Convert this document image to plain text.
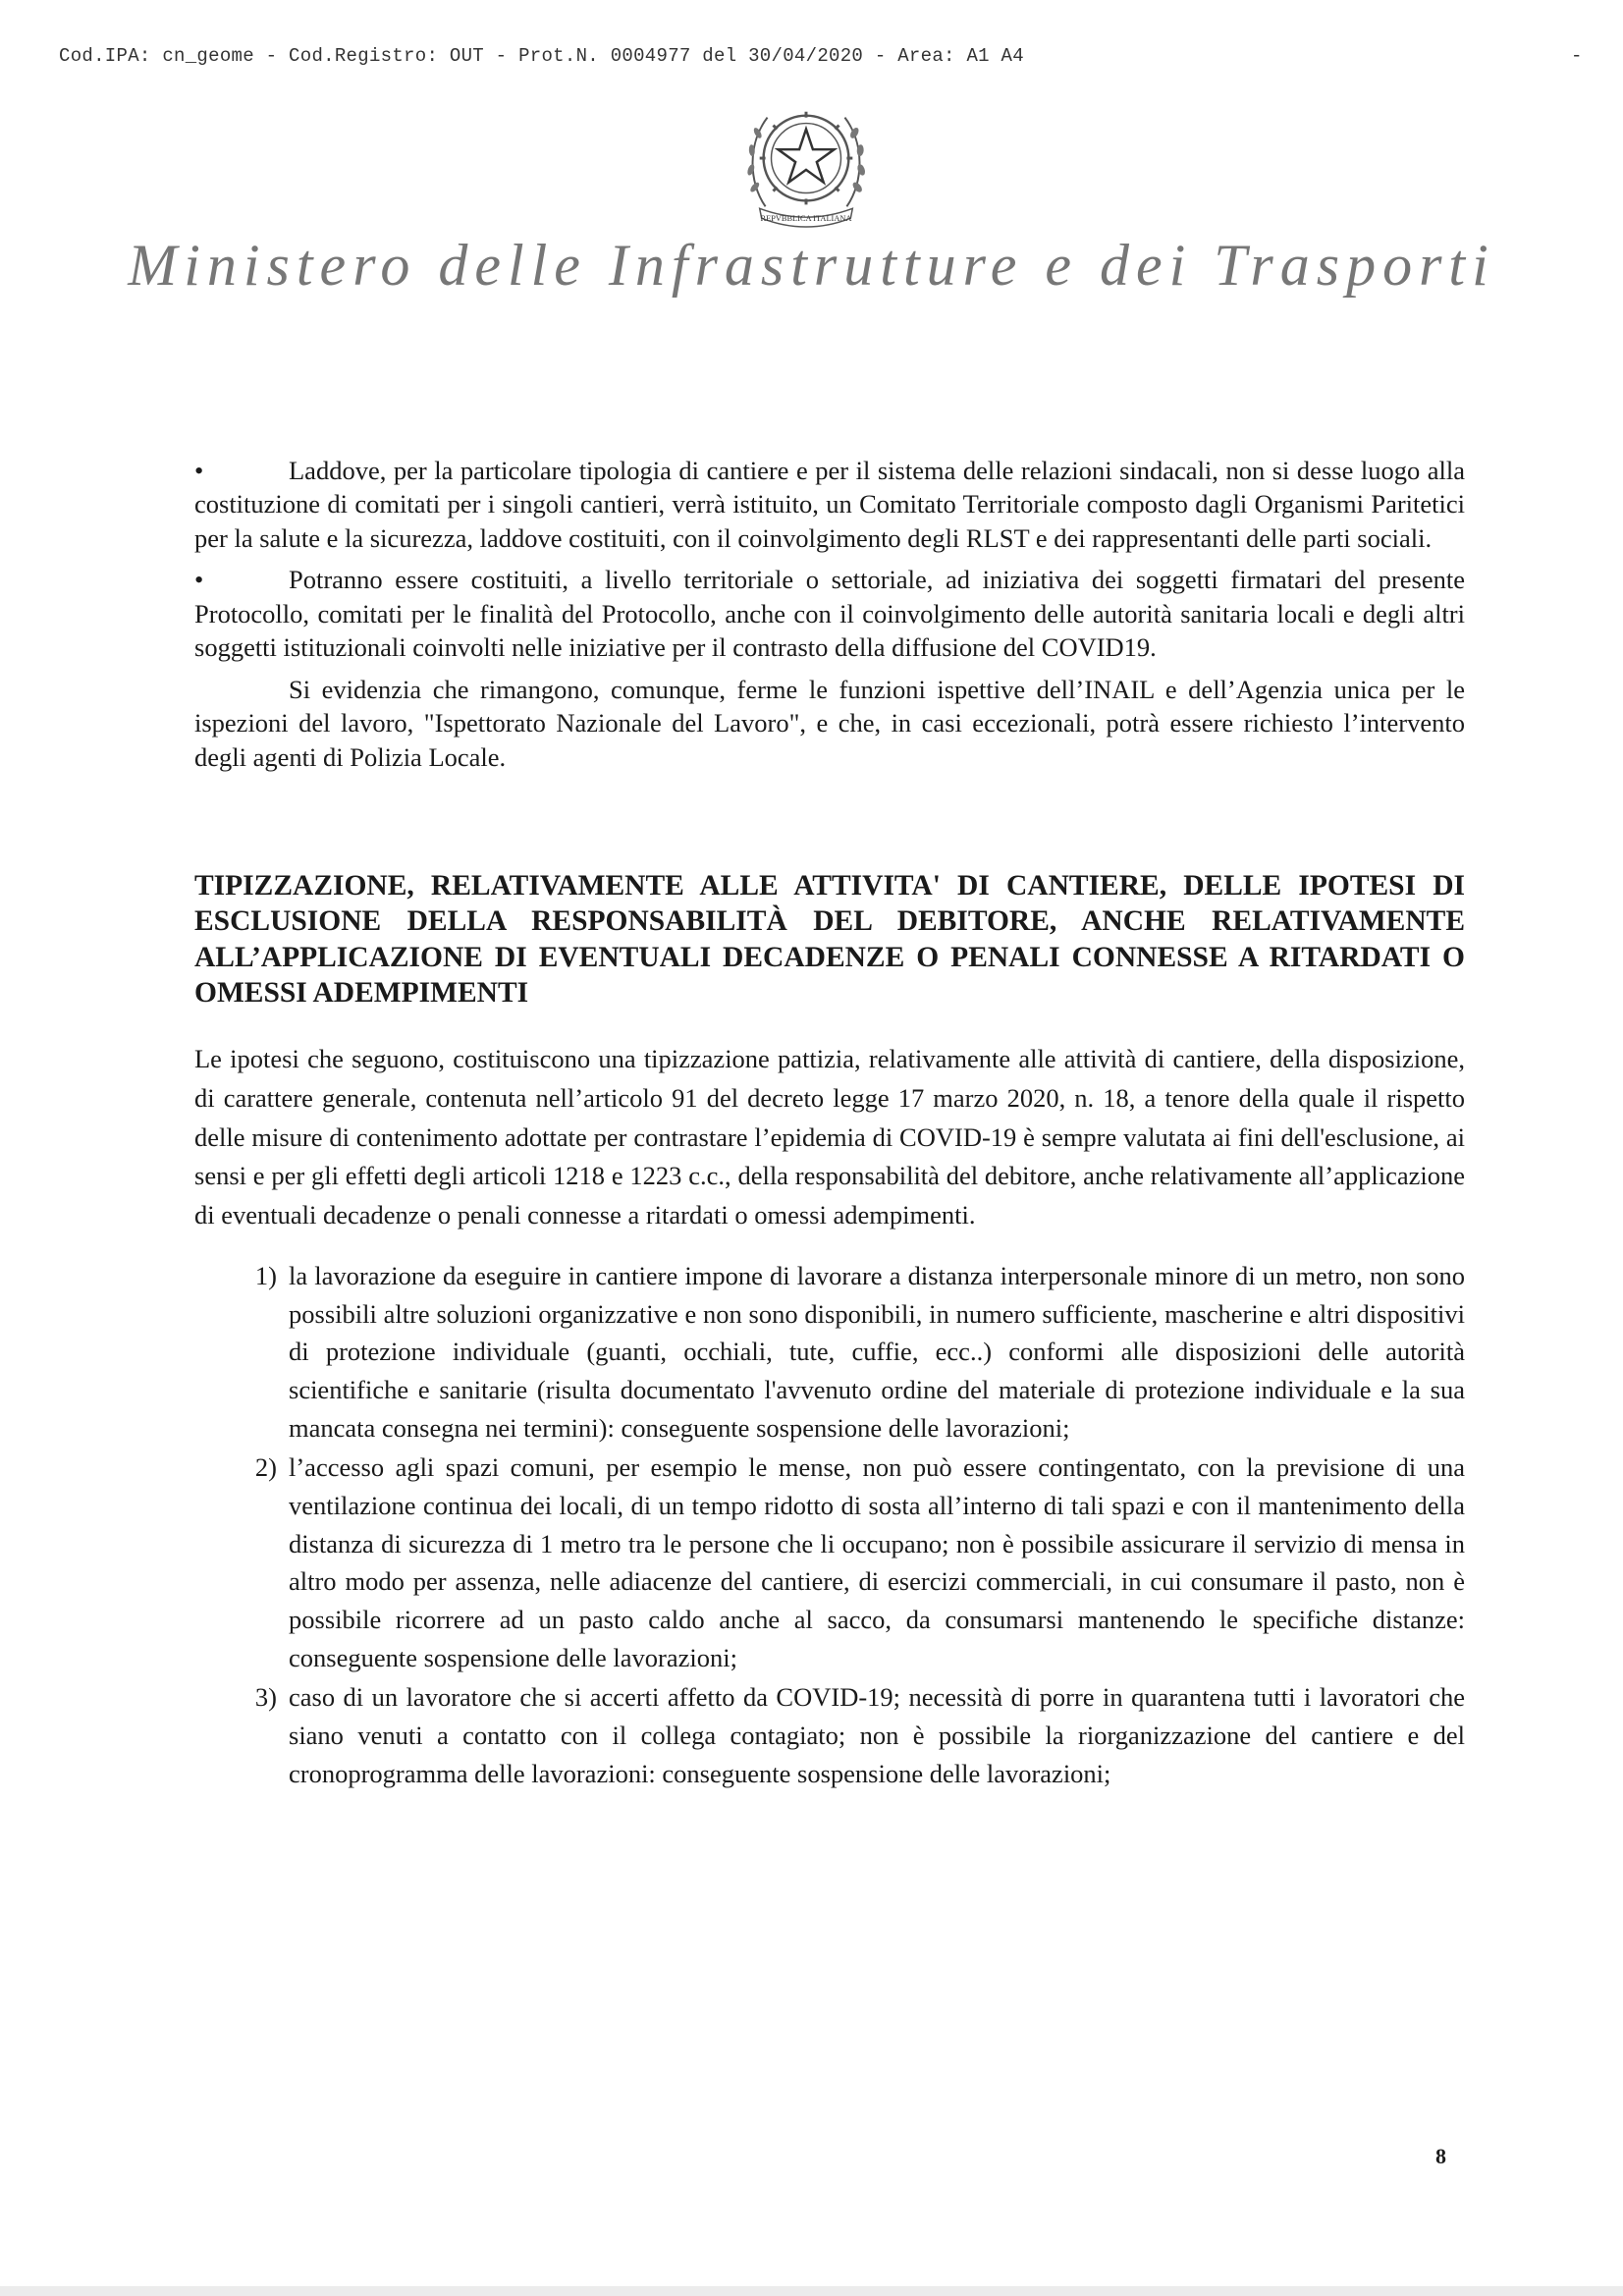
Cod.IPA: cn_geome - Cod.Registro: OUT - Prot.N. 0004977 del 30/04/2020 - Area: A1 A4	-
REPVBBLICA ITALIANA
Ministero delle Infrastrutture e dei Trasporti

•	Laddove, per la particolare tipologia di cantiere e per il sistema delle relazioni sindacali, non si desse luogo alla costituzione di comitati per i singoli cantieri, verrà istituito, un Comitato Territoriale composto dagli Organismi Paritetici per la salute e la sicurezza, laddove costituiti, con il coinvolgimento degli RLST e dei rappresentanti delle parti sociali.

•	Potranno essere costituiti, a livello territoriale o settoriale, ad iniziativa dei soggetti firmatari del presente Protocollo, comitati per le finalità del Protocollo, anche con il coinvolgimento delle autorità sanitaria locali e degli altri soggetti istituzionali coinvolti nelle iniziative per il contrasto della diffusione del COVID19.

Si evidenzia che rimangono, comunque, ferme le funzioni ispettive dell’INAIL e dell’Agenzia unica per le ispezioni del lavoro, "Ispettorato Nazionale del Lavoro", e che, in casi eccezionali, potrà essere richiesto l’intervento degli agenti di Polizia Locale.

TIPIZZAZIONE, RELATIVAMENTE ALLE ATTIVITA' DI CANTIERE, DELLE IPOTESI DI ESCLUSIONE DELLA RESPONSABILITÀ DEL DEBITORE, ANCHE RELATIVAMENTE ALL’APPLICAZIONE DI EVENTUALI DECADENZE O PENALI CONNESSE A RITARDATI O OMESSI ADEMPIMENTI

Le ipotesi che seguono, costituiscono una tipizzazione pattizia, relativamente alle attività di cantiere, della disposizione, di carattere generale, contenuta nell’articolo 91 del decreto legge 17 marzo 2020, n. 18, a tenore della quale il rispetto delle misure di contenimento adottate per contrastare l’epidemia di COVID-19 è sempre valutata ai fini dell'esclusione, ai sensi e per gli effetti degli articoli 1218 e 1223 c.c., della responsabilità del debitore, anche relativamente all’applicazione di eventuali decadenze o penali connesse a ritardati o omessi adempimenti.

1) la lavorazione da eseguire in cantiere impone di lavorare a distanza interpersonale minore di un metro, non sono possibili altre soluzioni organizzative e non sono disponibili, in numero sufficiente, mascherine e altri dispositivi di protezione individuale (guanti, occhiali, tute, cuffie, ecc..) conformi alle disposizioni delle autorità scientifiche e sanitarie (risulta documentato l'avvenuto ordine del materiale di protezione individuale e la sua mancata consegna nei termini): conseguente sospensione delle lavorazioni;
2) l’accesso agli spazi comuni, per esempio le mense, non può essere contingentato, con la previsione di una ventilazione continua dei locali, di un tempo ridotto di sosta all’interno di tali spazi e con il mantenimento della distanza di sicurezza di 1 metro tra le persone che li occupano; non è possibile assicurare il servizio di mensa in altro modo per assenza, nelle adiacenze del cantiere, di esercizi commerciali, in cui consumare il pasto, non è possibile ricorrere ad un pasto caldo anche al sacco, da consumarsi mantenendo le specifiche distanze: conseguente sospensione delle lavorazioni;
3) caso di un lavoratore che si accerti affetto da COVID-19; necessità di porre in quarantena tutti i lavoratori che siano venuti a contatto con il collega contagiato; non è possibile la riorganizzazione del cantiere e del cronoprogramma delle lavorazioni: conseguente sospensione delle lavorazioni;
8
